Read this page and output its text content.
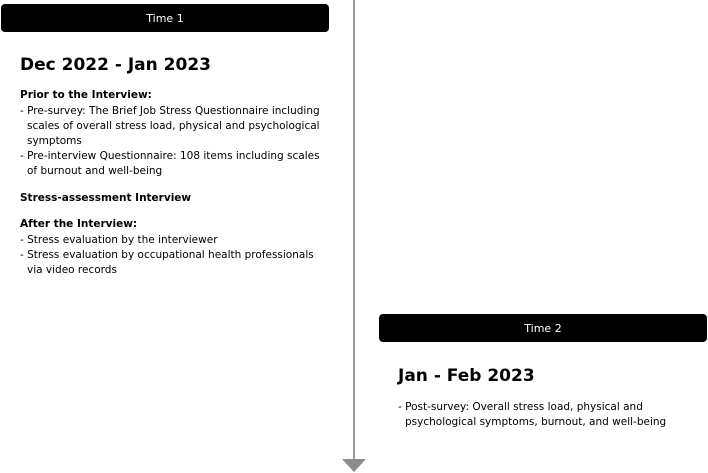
Time 1
Dec 2022 - Jan 2023
Prior to the Interview:
- Pre-survey: The Brief Job Stress Questionnaire including scales of overall stress load, physical and psychological symptoms
- Pre-interview Questionnaire: 108 items including scales of burnout and well-being
Stress-assessment Interview
After the Interview:
- Stress evaluation by the interviewer
- Stress evaluation by occupational health professionals via video records
Time 2
Jan - Feb 2023
- Post-survey: Overall stress load, physical and psychological symptoms, burnout, and well-being
